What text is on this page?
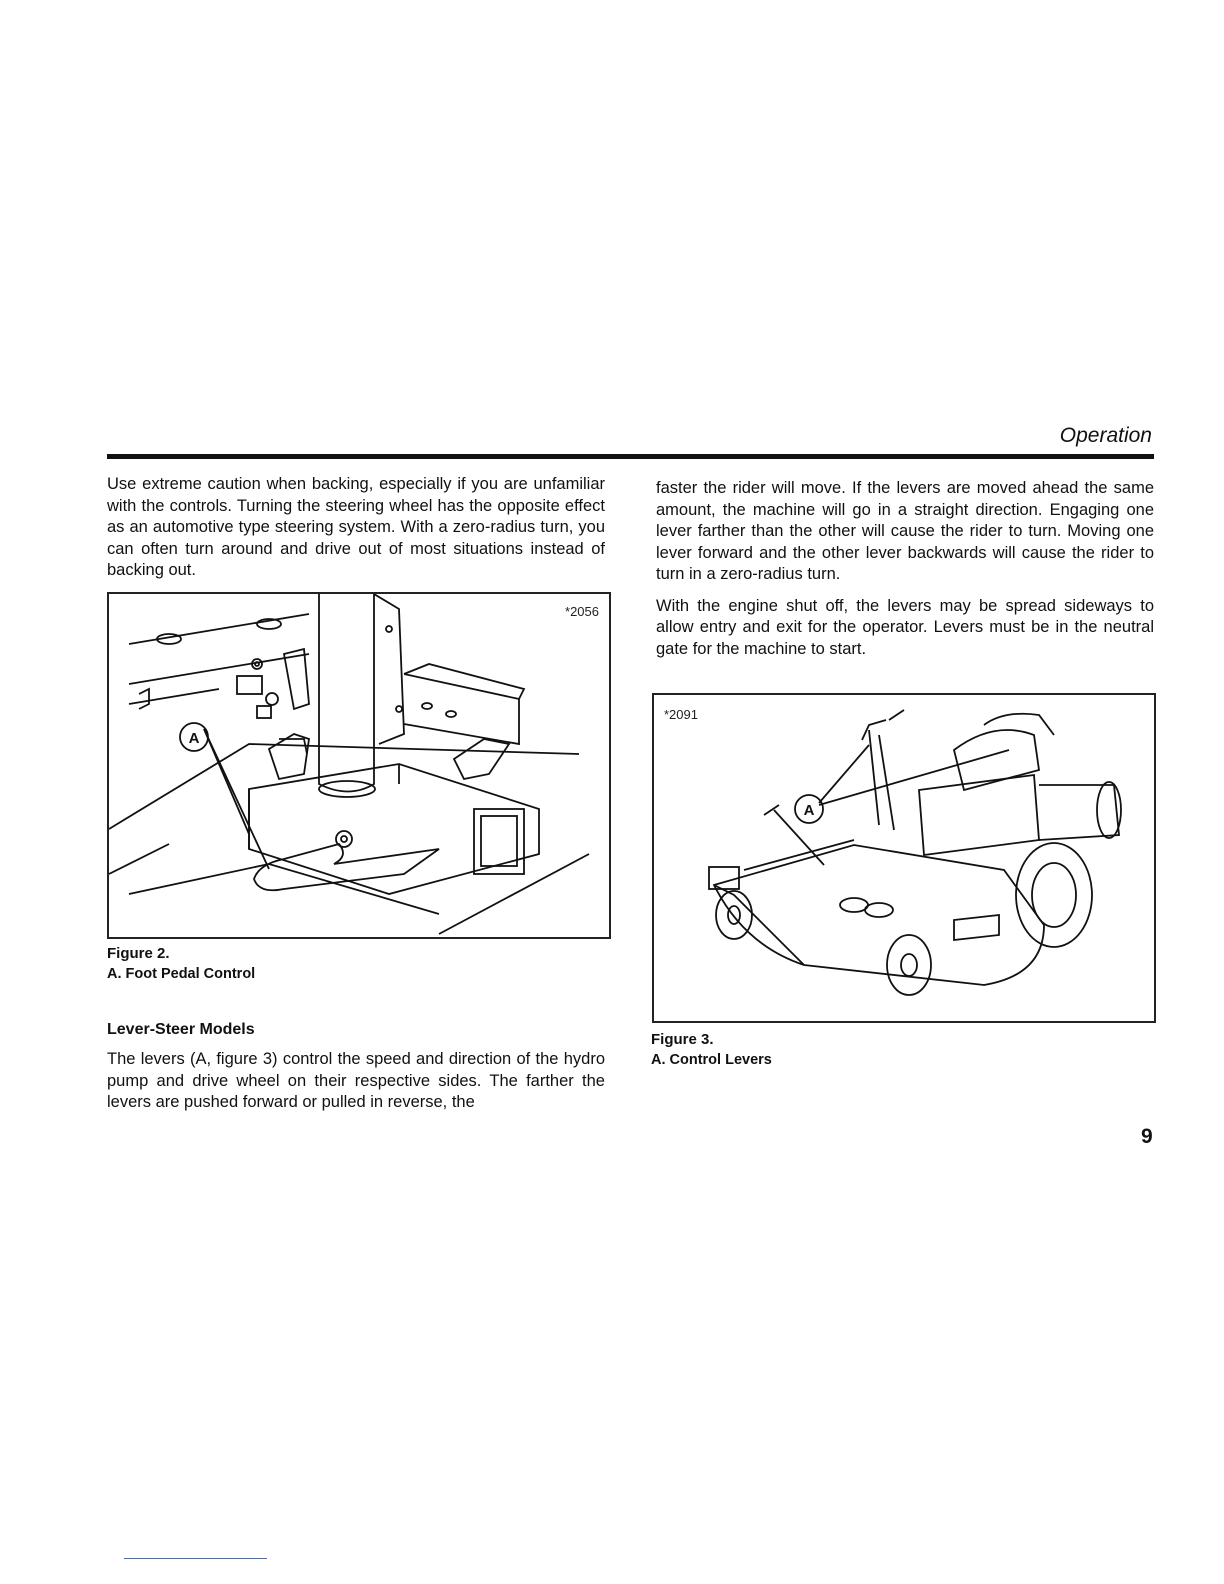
Operation

Use extreme caution when backing, especially if you are unfamiliar with the controls. Turning the steering wheel has the opposite effect as an automotive type steering system. With a zero-radius turn, you can often turn around and drive out of most situations instead of backing out.

A
*2056
Figure 2.
A. Foot Pedal Control
Lever-Steer Models

The levers (A, figure 3) control the speed and direction of the hydro pump and drive wheel on their respective sides. The farther the levers are pushed forward or pulled in reverse, the

faster the rider will move. If the levers are moved ahead the same amount, the machine will go in a straight direction. Engaging one lever farther than the other will cause the rider to turn. Moving one lever forward and the other lever backwards will cause the rider to turn in a zero-radius turn.

With the engine shut off, the levers may be spread sideways to allow entry and exit for the operator. Levers must be in the neutral gate for the machine to start.

A
*2091
Figure 3.
A. Control Levers
9
